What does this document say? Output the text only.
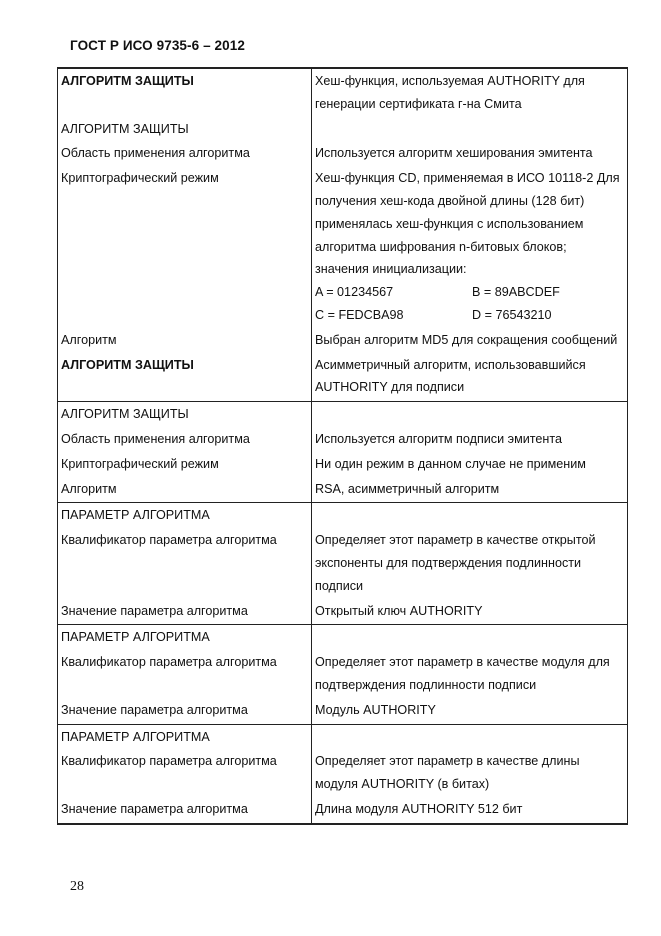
ГОСТ Р ИСО 9735-6 – 2012
АЛГОРИТМ ЗАЩИТЫ	Хеш-функция, используемая AUTHORITY для генерации сертификата г-на Смита
АЛГОРИТМ ЗАЩИТЫ	
Область применения алгоритма	Используется алгоритм хеширования эмитента
Криптографический режим	Хеш-функция CD, применяемая в ИСО 10118-2 Для получения хеш-кода двойной длины (128 бит) применялась хеш-функция с использованием алгоритма шифрования n-битовых блоков; значения инициализации:
A = 01234567 B = 89ABCDEF
C = FEDCBA98 D = 76543210

Алгоритм	Выбран алгоритм MD5 для сокращения сообщений
АЛГОРИТМ ЗАЩИТЫ	Асимметричный алгоритм, использовавшийся AUTHORITY для подписи
АЛГОРИТМ ЗАЩИТЫ	
Область применения алгоритма	Используется алгоритм подписи эмитента
Криптографический режим	Ни один режим в данном случае не применим
Алгоритм	RSA, асимметричный алгоритм
ПАРАМЕТР АЛГОРИТМА	
Квалификатор параметра алгоритма	Определяет этот параметр в качестве открытой экспоненты для подтверждения подлинности подписи
Значение параметра алгоритма	Открытый ключ AUTHORITY
ПАРАМЕТР АЛГОРИТМА	
Квалификатор параметра алгоритма	Определяет этот параметр в качестве модуля для подтверждения подлинности подписи
Значение параметра алгоритма	Модуль AUTHORITY
ПАРАМЕТР АЛГОРИТМА	
Квалификатор параметра алгоритма	Определяет этот параметр в качестве длины модуля AUTHORITY (в битах)
Значение параметра алгоритма	Длина модуля AUTHORITY 512 бит
28
